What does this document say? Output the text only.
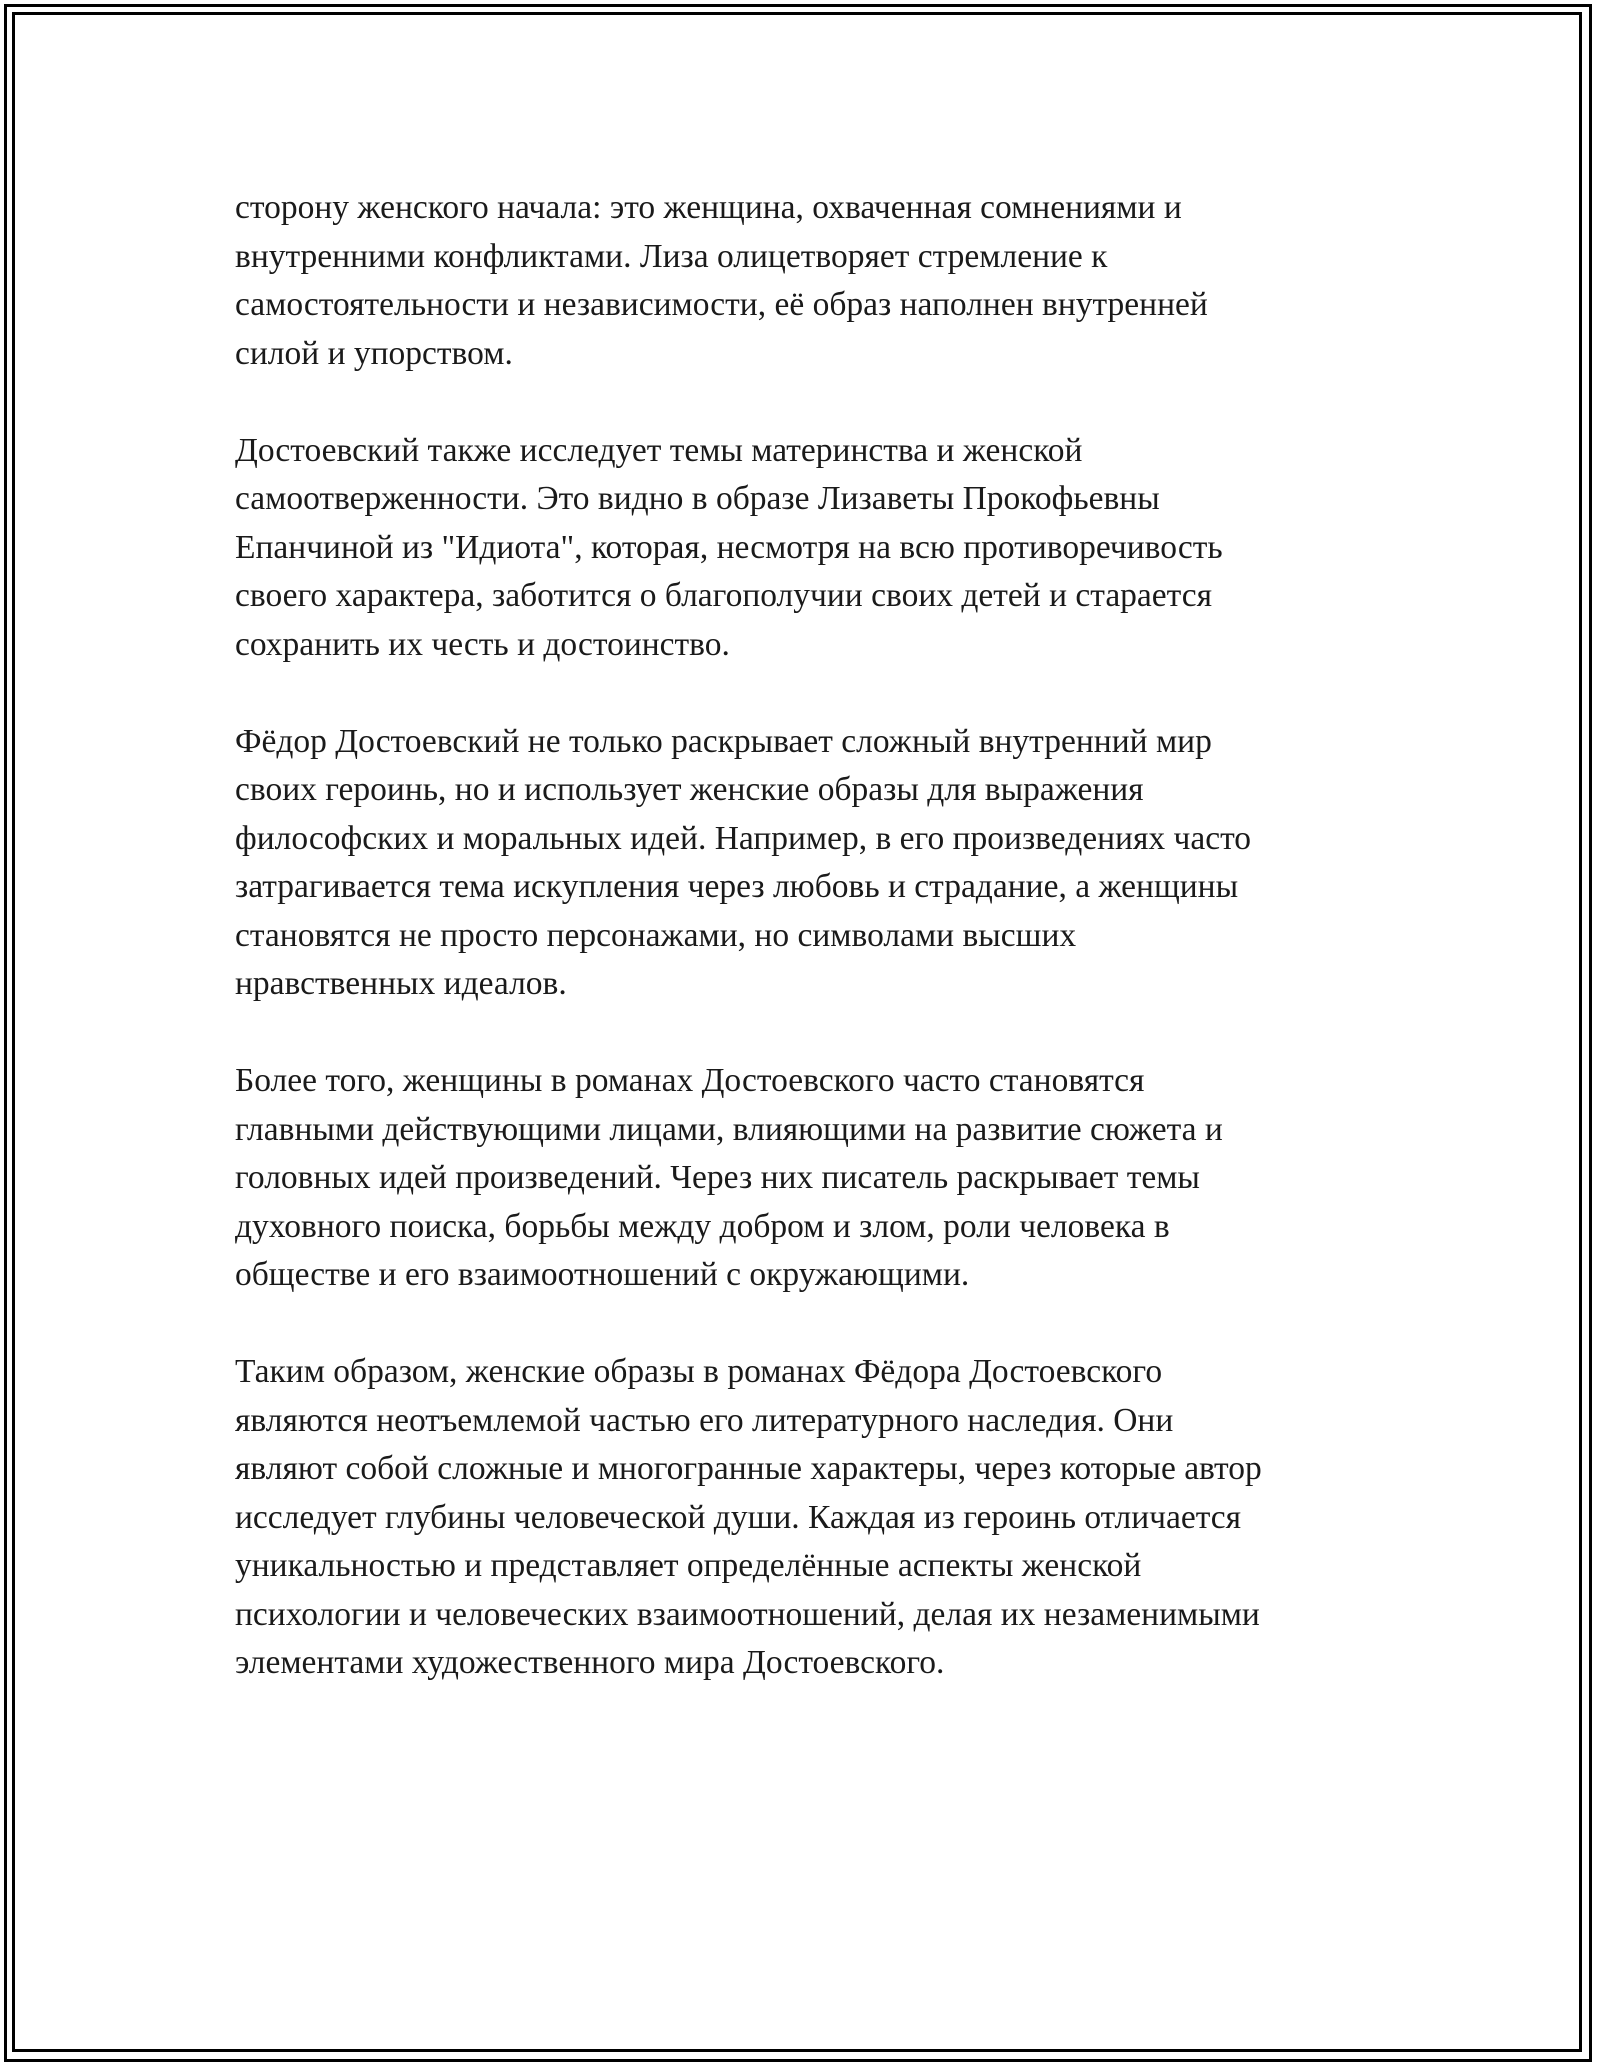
сторону женского начала: это женщина, охваченная сомнениями и
внутренними конфликтами. Лиза олицетворяет стремление к
самостоятельности и независимости, её образ наполнен внутренней
силой и упорством.

Достоевский также исследует темы материнства и женской
самоотверженности. Это видно в образе Лизаветы Прокофьевны
Епанчиной из "Идиота", которая, несмотря на всю противоречивость
своего характера, заботится о благополучии своих детей и старается
сохранить их честь и достоинство.

Фёдор Достоевский не только раскрывает сложный внутренний мир
своих героинь, но и использует женские образы для выражения
философских и моральных идей. Например, в его произведениях часто
затрагивается тема искупления через любовь и страдание, а женщины
становятся не просто персонажами, но символами высших
нравственных идеалов.

Более того, женщины в романах Достоевского часто становятся
главными действующими лицами, влияющими на развитие сюжета и
головных идей произведений. Через них писатель раскрывает темы
духовного поиска, борьбы между добром и злом, роли человека в
обществе и его взаимоотношений с окружающими.

Таким образом, женские образы в романах Фёдора Достоевского
являются неотъемлемой частью его литературного наследия. Они
являют собой сложные и многогранные характеры, через которые автор
исследует глубины человеческой души. Каждая из героинь отличается
уникальностью и представляет определённые аспекты женской
психологии и человеческих взаимоотношений, делая их незаменимыми
элементами художественного мира Достоевского.
